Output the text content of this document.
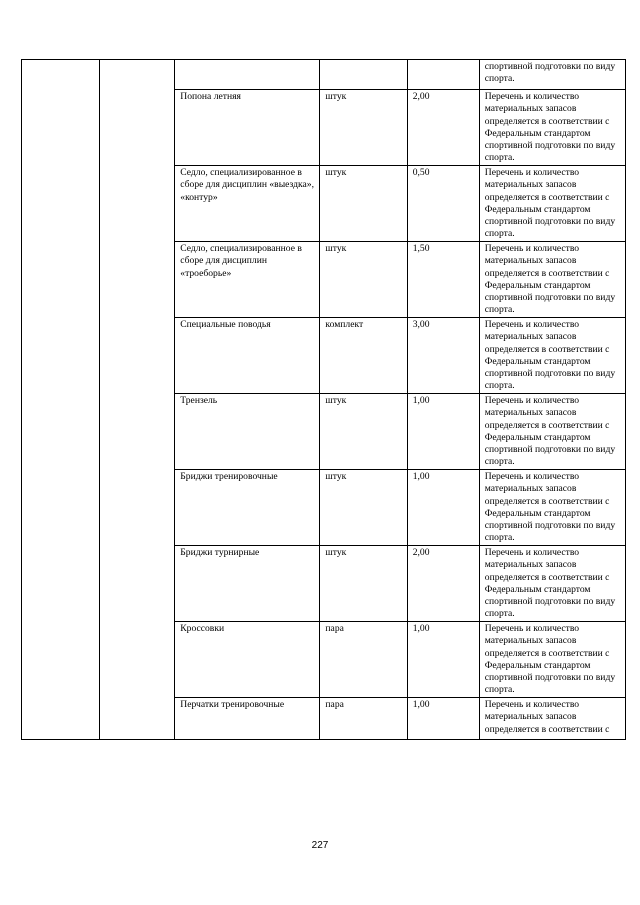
					спортивной подготовки по виду спорта.
		Попона летняя	штук	2,00	Перечень и количество материальных запасов определяется в соответствии с Федеральным стандартом спортивной подготовки по виду спорта.
		Седло, специализированное в сборе для дисциплин «выездка», «контур»	штук	0,50	Перечень и количество материальных запасов определяется в соответствии с Федеральным стандартом спортивной подготовки по виду спорта.
		Седло, специализированное в сборе для дисциплин «троеборье»	штук	1,50	Перечень и количество материальных запасов определяется в соответствии с Федеральным стандартом спортивной подготовки по виду спорта.
		Специальные поводья	комплект	3,00	Перечень и количество материальных запасов определяется в соответствии с Федеральным стандартом спортивной подготовки по виду спорта.
		Трензель	штук	1,00	Перечень и количество материальных запасов определяется в соответствии с Федеральным стандартом спортивной подготовки по виду спорта.
		Бриджи тренировочные	штук	1,00	Перечень и количество материальных запасов определяется в соответствии с Федеральным стандартом спортивной подготовки по виду спорта.
		Бриджи турнирные	штук	2,00	Перечень и количество материальных запасов определяется в соответствии с Федеральным стандартом спортивной подготовки по виду спорта.
		Кроссовки	пара	1,00	Перечень и количество материальных запасов определяется в соответствии с Федеральным стандартом спортивной подготовки по виду спорта.
		Перчатки тренировочные	пара	1,00	Перечень и количество материальных запасов определяется в соответствии с
227
